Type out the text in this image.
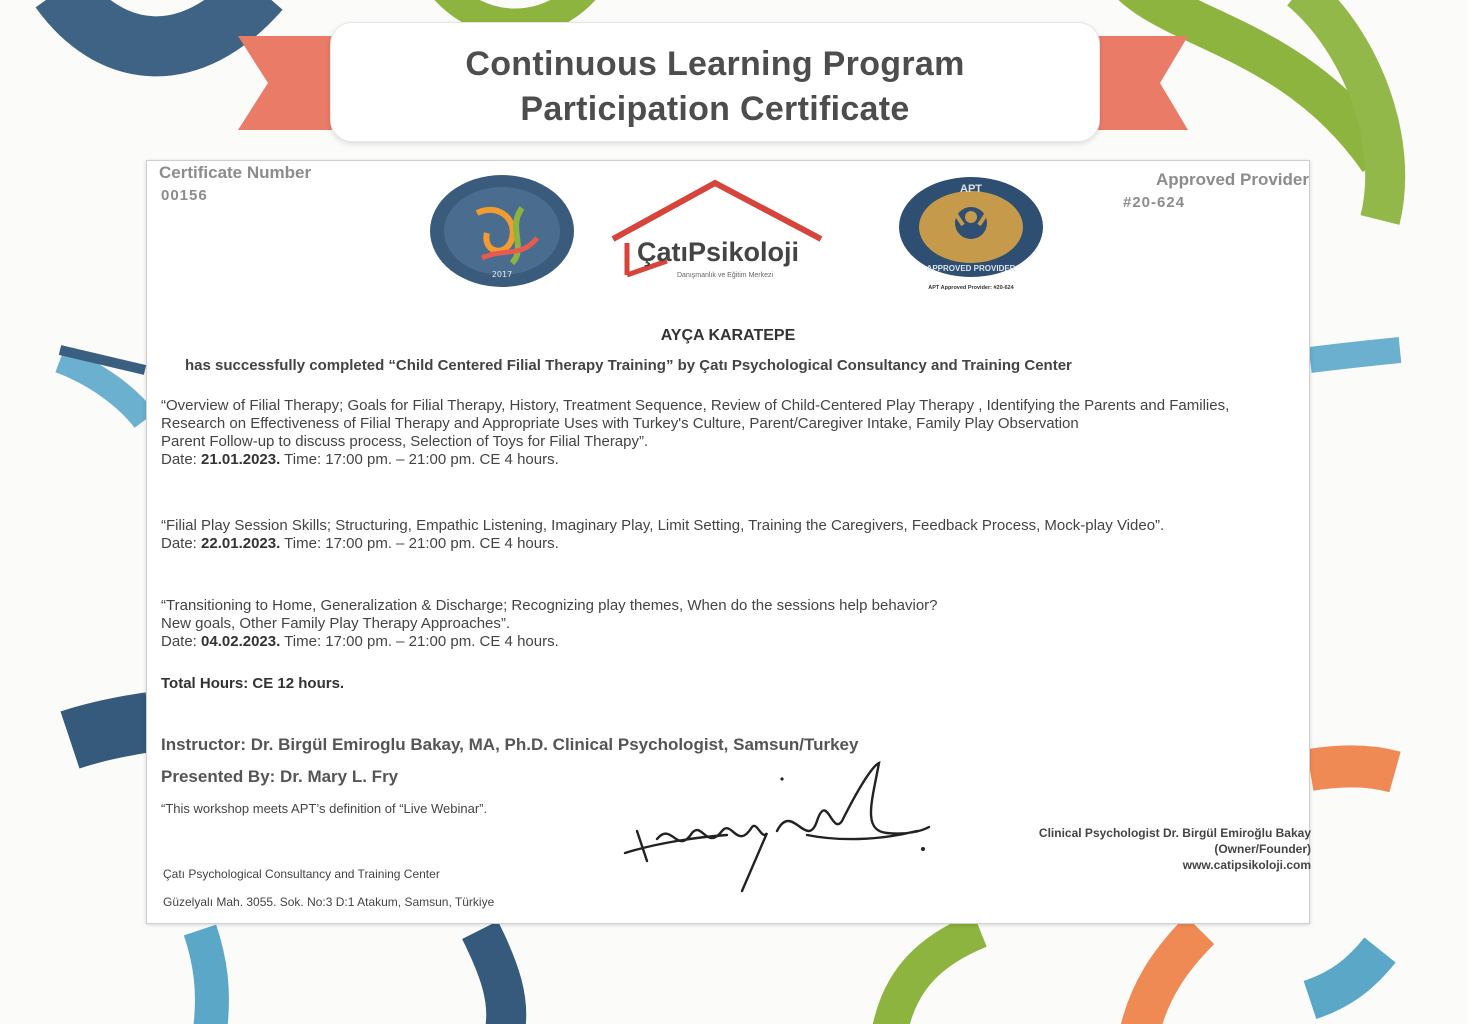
Continuous Learning Program
Participation Certificate
Certificate Number
00156
Approved Provider
#20-624
2017
ÇatıPsikoloji
Danışmanlık ve Eğitim Merkezi
APT
APPROVED PROVIDER
APT Approved Provider: #20-624
AYÇA KARATEPE
has successfully completed “Child Centered Filial Therapy Training” by Çatı Psychological Consultancy and Training Center
“Overview of Filial Therapy; Goals for Filial Therapy, History, Treatment Sequence, Review of Child-Centered Play Therapy , Identifying the Parents and Families, Research on Effectiveness of Filial Therapy and Appropriate Uses with Turkey's Culture, Parent/Caregiver Intake, Family Play Observation
Parent Follow-up to discuss process, Selection of Toys for Filial Therapy”.
Date: 21.01.2023. Time: 17:00 pm. – 21:00 pm. CE 4 hours.
“Filial Play Session Skills; Structuring, Empathic Listening, Imaginary Play, Limit Setting, Training the Caregivers, Feedback Process, Mock-play Video”.
Date: 22.01.2023. Time: 17:00 pm. – 21:00 pm. CE 4 hours.
“Transitioning to Home, Generalization & Discharge; Recognizing play themes, When do the sessions help behavior?
New goals, Other Family Play Therapy Approaches”.
Date: 04.02.2023. Time: 17:00 pm. – 21:00 pm. CE 4 hours.
Total Hours: CE 12 hours.
Instructor: Dr. Birgül Emiroglu Bakay, MA, Ph.D. Clinical Psychologist, Samsun/Turkey
Presented By: Dr. Mary L. Fry
“This workshop meets APT’s definition of “Live Webinar”.
Clinical Psychologist Dr. Birgül Emiroğlu Bakay
(Owner/Founder)
www.catipsikoloji.com
Çatı Psychological Consultancy and Training Center
Güzelyalı Mah. 3055. Sok. No:3 D:1 Atakum, Samsun, Türkiye
